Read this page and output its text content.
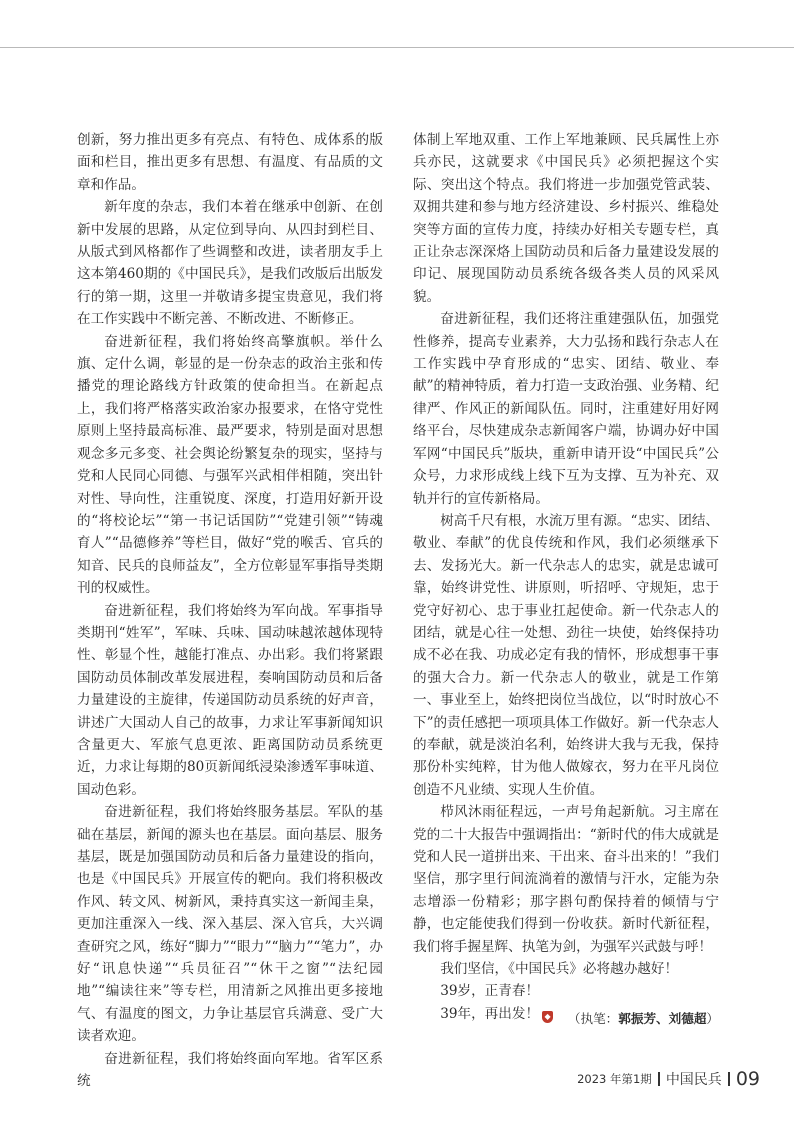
创新，努力推出更多有亮点、有特色、成体系的版面和栏目，推出更多有思想、有温度、有品质的文章和作品。

新年度的杂志，我们本着在继承中创新、在创新中发展的思路，从定位到导向、从四封到栏目、从版式到风格都作了些调整和改进，读者朋友手上这本第460期的《中国民兵》，是我们改版后出版发行的第一期，这里一并敬请多提宝贵意见，我们将在工作实践中不断完善、不断改进、不断修正。

奋进新征程，我们将始终高擎旗帜。举什么旗、定什么调，彰显的是一份杂志的政治主张和传播党的理论路线方针政策的使命担当。在新起点上，我们将严格落实政治家办报要求，在恪守党性原则上坚持最高标准、最严要求，特别是面对思想观念多元多变、社会舆论纷繁复杂的现实，坚持与党和人民同心同德、与强军兴武相伴相随，突出针对性、导向性，注重锐度、深度，打造用好新开设的“将校论坛”“第一书记话国防”“党建引领”“铸魂育人”“品德修养”等栏目，做好“党的喉舌、官兵的知音、民兵的良师益友”，全方位彰显军事指导类期刊的权威性。

奋进新征程，我们将始终为军向战。军事指导类期刊“姓军”，军味、兵味、国动味越浓越体现特性、彰显个性，越能打准点、办出彩。我们将紧跟国防动员体制改革发展进程，奏响国防动员和后备力量建设的主旋律，传递国防动员系统的好声音，讲述广大国动人自己的故事，力求让军事新闻知识含量更大、军旅气息更浓、距离国防动员系统更近，力求让每期的80页新闻纸浸染渗透军事味道、国动色彩。

奋进新征程，我们将始终服务基层。军队的基础在基层，新闻的源头也在基层。面向基层、服务基层，既是加强国防动员和后备力量建设的指向，也是《中国民兵》开展宣传的靶向。我们将积极改作风、转文风、树新风，秉持真实这一新闻圭臬，更加注重深入一线、深入基层、深入官兵，大兴调查研究之风，练好“脚力”“眼力”“脑力”“笔力”，办好“讯息快递”“兵员征召”“休干之窗”“法纪园地”“编读往来”等专栏，用清新之风推出更多接地气、有温度的图文，力争让基层官兵满意、受广大读者欢迎。

奋进新征程，我们将始终面向军地。省军区系统

体制上军地双重、工作上军地兼顾、民兵属性上亦兵亦民，这就要求《中国民兵》必须把握这个实际、突出这个特点。我们将进一步加强党管武装、双拥共建和参与地方经济建设、乡村振兴、维稳处突等方面的宣传力度，持续办好相关专题专栏，真正让杂志深深烙上国防动员和后备力量建设发展的印记、展现国防动员系统各级各类人员的风采风貌。

奋进新征程，我们还将注重建强队伍，加强党性修养，提高专业素养，大力弘扬和践行杂志人在工作实践中孕育形成的“忠实、团结、敬业、奉献”的精神特质，着力打造一支政治强、业务精、纪律严、作风正的新闻队伍。同时，注重建好用好网络平台，尽快建成杂志新闻客户端，协调办好中国军网“中国民兵”版块，重新申请开设“中国民兵”公众号，力求形成线上线下互为支撑、互为补充、双轨并行的宣传新格局。

树高千尺有根，水流万里有源。“忠实、团结、敬业、奉献”的优良传统和作风，我们必须继承下去、发扬光大。新一代杂志人的忠实，就是忠诚可靠，始终讲党性、讲原则，听招呼、守规矩，忠于党守好初心、忠于事业扛起使命。新一代杂志人的团结，就是心往一处想、劲往一块使，始终保持功成不必在我、功成必定有我的情怀，形成想事干事的强大合力。新一代杂志人的敬业，就是工作第一、事业至上，始终把岗位当战位，以“时时放心不下”的责任感把一项项具体工作做好。新一代杂志人的奉献，就是淡泊名利，始终讲大我与无我，保持那份朴实纯粹，甘为他人做嫁衣，努力在平凡岗位创造不凡业绩、实现人生价值。

栉风沐雨征程远，一声号角起新航。习主席在党的二十大报告中强调指出：“新时代的伟大成就是党和人民一道拼出来、干出来、奋斗出来的！”我们坚信，那字里行间流淌着的激情与汗水，定能为杂志增添一份精彩；那字斟句酌保持着的倾情与宁静，也定能使我们得到一份收获。新时代新征程，我们将手握星辉、执笔为剑，为强军兴武鼓与呼！

我们坚信，《中国民兵》必将越办越好！

39岁，正青春！

39年，再出发！ ◆	（执笔：郭振芳、刘德超）
2023 年第1期 中国民兵 09
